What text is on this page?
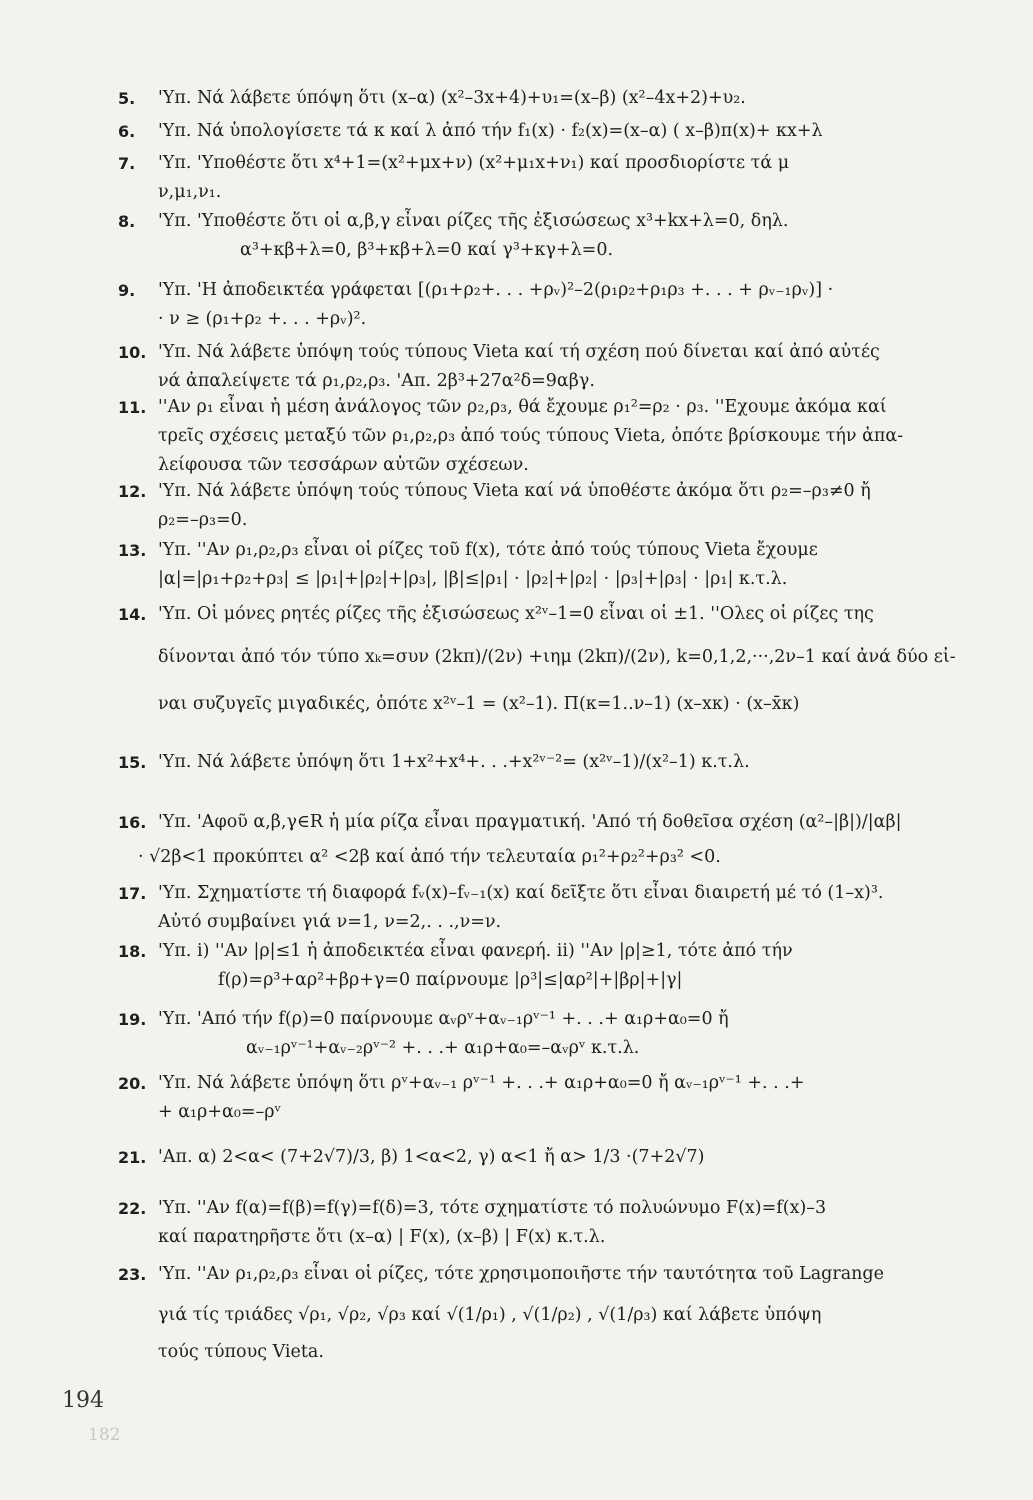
5.	'Υπ. Νά λάβετε ύπόψη ὅτι (x–α) (x²–3x+4)+υ₁=(x–β) (x²–4x+2)+υ₂.
6.	'Υπ. Νά ὑπολογίσετε τά κ καί λ ἀπό τήν f₁(x) · f₂(x)=(x–α) ( x–β)π(x)+ κx+λ
7.	'Υπ. 'Υποθέστε ὅτι x⁴+1=(x²+μx+ν) (x²+μ₁x+ν₁) καί προσδιορίστε τά μ
ν,μ₁,ν₁.
8.	'Υπ. 'Υποθέστε ὅτι οἱ α,β,γ εἶναι ρίζες τῆς ἐξισώσεως x³+kx+λ=0, δηλ.
α³+κβ+λ=0, β³+κβ+λ=0 καί γ³+κγ+λ=0.
9.	'Υπ. 'Η ἀποδεικτέα γράφεται [(ρ₁+ρ₂+. . . +ρᵥ)²–2(ρ₁ρ₂+ρ₁ρ₃ +. . . + ρᵥ₋₁ρᵥ)] ·
· ν ≥ (ρ₁+ρ₂ +. . . +ρᵥ)².
10. 'Υπ. Νά λάβετε ὑπόψη τούς τύπους Vieta καί τή σχέση πού δίνεται καί ἀπό αὐτές
νά ἀπαλείψετε τά ρ₁,ρ₂,ρ₃. 'Απ. 2β³+27α²δ=9αβγ.
11. ''Αν ρ₁ εἶναι ἡ μέση ἀνάλογος τῶν ρ₂,ρ₃, θά ἔχουμε ρ₁²=ρ₂ · ρ₃. ''Εχουμε ἀκόμα καί
τρεῖς σχέσεις μεταξύ τῶν ρ₁,ρ₂,ρ₃ ἀπό τούς τύπους Vieta, ὁπότε βρίσκουμε τήν ἀπα-
λείφουσα τῶν τεσσάρων αὐτῶν σχέσεων.
12. 'Υπ. Νά λάβετε ὑπόψη τούς τύπους Vieta καί νά ὑποθέστε ἀκόμα ὅτι ρ₂=–ρ₃≠0 ἤ
ρ₂=–ρ₃=0.
13. 'Υπ. ''Αν ρ₁,ρ₂,ρ₃ εἶναι οἱ ρίζες τοῦ f(x), τότε ἀπό τούς τύπους Vieta ἔχουμε
|α|=|ρ₁+ρ₂+ρ₃| ≤ |ρ₁|+|ρ₂|+|ρ₃|, |β|≤|ρ₁| · |ρ₂|+|ρ₂| · |ρ₃|+|ρ₃| · |ρ₁| κ.τ.λ.
14. 'Υπ. Οἱ μόνες ρητές ρίζες τῆς ἐξισώσεως x²ᵛ–1=0 εἶναι οἱ ±1. ''Ολες οἱ ρίζες της
δίνονται ἀπό τόν τύπο xₖ=συν (2kπ)/(2ν) +ιημ (2kπ)/(2ν), k=0,1,2,···,2ν–1 καί ἀνά δύο εἰ-
ναι συζυγεῖς μιγαδικές, ὁπότε x²ᵛ–1 = (x²–1). Π(κ=1..ν–1) (x–xκ) · (x–x̄κ)
15. 'Υπ. Νά λάβετε ὑπόψη ὅτι 1+x²+x⁴+. . .+x²ᵛ⁻²= (x²ᵛ–1)/(x²–1) κ.τ.λ.
16. 'Υπ. 'Αφοῦ α,β,γ∈R ἡ μία ρίζα εἶναι πραγματική. 'Από τή δοθεῖσα σχέση (α²–|β|)/|αβ|
· √2β<1 προκύπτει α² <2β καί ἀπό τήν τελευταία ρ₁²+ρ₂²+ρ₃² <0.
17. 'Υπ. Σχηματίστε τή διαφορά fᵥ(x)–fᵥ₋₁(x) καί δεῖξτε ὅτι εἶναι διαιρετή μέ τό (1–x)³.
Αὐτό συμβαίνει γιά ν=1, ν=2,. . .,ν=ν.
18. 'Υπ. i) ''Αν |ρ|≤1 ἡ ἀποδεικτέα εἶναι φανερή. ii) ''Αν |ρ|≥1, τότε ἀπό τήν
f(ρ)=ρ³+αρ²+βρ+γ=0 παίρνουμε |ρ³|≤|αρ²|+|βρ|+|γ|
19. 'Υπ. 'Από τήν f(ρ)=0 παίρνουμε αᵥρᵛ+αᵥ₋₁ρᵛ⁻¹ +. . .+ α₁ρ+α₀=0 ἤ
αᵥ₋₁ρᵛ⁻¹+αᵥ₋₂ρᵛ⁻² +. . .+ α₁ρ+α₀=–αᵥρᵛ κ.τ.λ.
20. 'Υπ. Νά λάβετε ὑπόψη ὅτι ρᵛ+αᵥ₋₁ ρᵛ⁻¹ +. . .+ α₁ρ+α₀=0 ἤ αᵥ₋₁ρᵛ⁻¹ +. . .+
+ α₁ρ+α₀=–ρᵛ
21. 'Απ. α) 2<α< (7+2√7)/3, β) 1<α<2, γ) α<1 ἤ α> 1/3 ·(7+2√7)
22. 'Υπ. ''Αν f(α)=f(β)=f(γ)=f(δ)=3, τότε σχηματίστε τό πολυώνυμο F(x)=f(x)–3
καί παρατηρῆστε ὅτι (x–α) | F(x), (x–β) | F(x) κ.τ.λ.
23. 'Υπ. ''Αν ρ₁,ρ₂,ρ₃ εἶναι οἱ ρίζες, τότε χρησιμοποιῆστε τήν ταυτότητα τοῦ Lagrange
γιά τίς τριάδες √ρ₁, √ρ₂, √ρ₃ καί √(1/ρ₁) , √(1/ρ₂) , √(1/ρ₃) καί λάβετε ὑπόψη
τούς τύπους Vieta.
194
182
